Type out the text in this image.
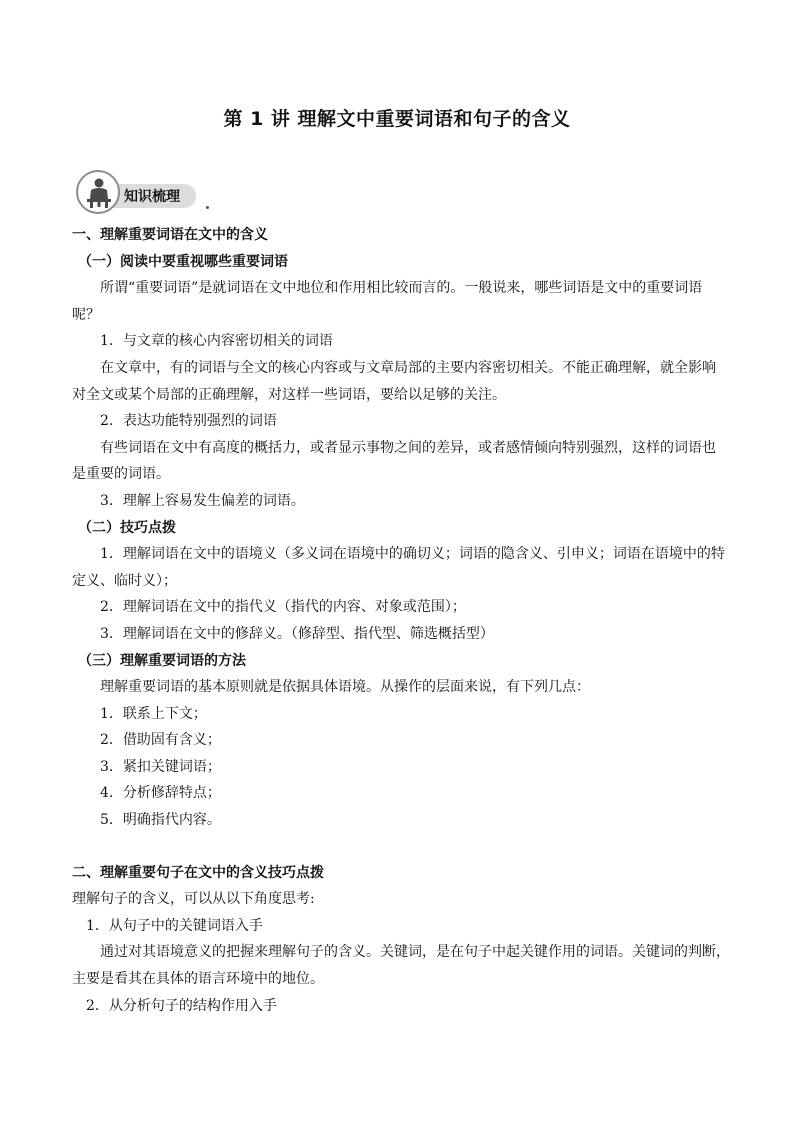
第 1 讲 理解文中重要词语和句子的含义
知识梳理
一、理解重要词语在文中的含义
（一）阅读中要重视哪些重要词语
所谓“重要词语”是就词语在文中地位和作用相比较而言的。一般说来，哪些词语是文中的重要词语
呢？
1．与文章的核心内容密切相关的词语
在文章中，有的词语与全文的核心内容或与文章局部的主要内容密切相关。不能正确理解，就全影响
对全文或某个局部的正确理解，对这样一些词语，要给以足够的关注。
2．表达功能特别强烈的词语
有些词语在文中有高度的概括力，或者显示事物之间的差异，或者感情倾向特别强烈，这样的词语也
是重要的词语。
3．理解上容易发生偏差的词语。
（二）技巧点拨
1．理解词语在文中的语境义（多义词在语境中的确切义；词语的隐含义、引申义；词语在语境中的特
定义、临时义）；
2．理解词语在文中的指代义（指代的内容、对象或范围）；
3．理解词语在文中的修辞义。（修辞型、指代型、筛选概括型）
（三）理解重要词语的方法
理解重要词语的基本原则就是依据具体语境。从操作的层面来说，有下列几点：
1．联系上下文；
2．借助固有含义；
3．紧扣关键词语；
4．分析修辞特点；
5．明确指代内容。
二、理解重要句子在文中的含义技巧点拨
理解句子的含义，可以从以下角度思考:
1．从句子中的关键词语入手
通过对其语境意义的把握来理解句子的含义。关键词，是在句子中起关键作用的词语。关键词的判断，
主要是看其在具体的语言环境中的地位。
2．从分析句子的结构作用入手
